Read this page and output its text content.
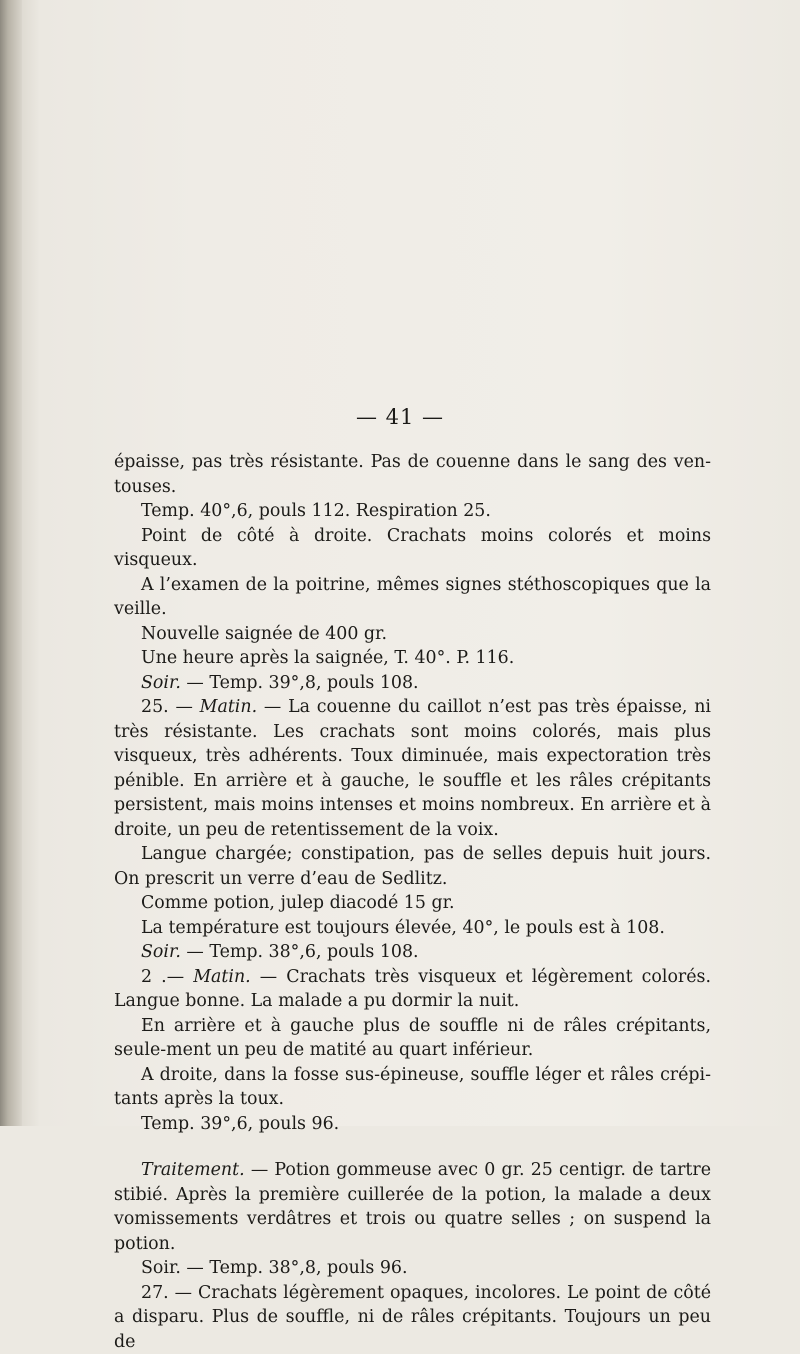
— 41 —

épaisse, pas très résistante. Pas de couenne dans le sang des ven-touses.

Temp. 40°,6, pouls 112. Respiration 25.

Point de côté à droite. Crachats moins colorés et moins visqueux.

A l’examen de la poitrine, mêmes signes stéthoscopiques que la veille.

Nouvelle saignée de 400 gr.

Une heure après la saignée, T. 40°. P. 116.

Soir. — Temp. 39°,8, pouls 108.

25. — Matin. — La couenne du caillot n’est pas très épaisse, ni très résistante. Les crachats sont moins colorés, mais plus visqueux, très adhérents. Toux diminuée, mais expectoration très pénible. En arrière et à gauche, le souffle et les râles crépitants persistent, mais moins intenses et moins nombreux. En arrière et à droite, un peu de retentissement de la voix.

Langue chargée; constipation, pas de selles depuis huit jours. On prescrit un verre d’eau de Sedlitz.

Comme potion, julep diacodé 15 gr.

La température est toujours élevée, 40°, le pouls est à 108.

Soir. — Temp. 38°,6, pouls 108.

2 .— Matin. — Crachats très visqueux et légèrement colorés. Langue bonne. La malade a pu dormir la nuit.

En arrière et à gauche plus de souffle ni de râles crépitants, seule-ment un peu de matité au quart inférieur.

A droite, dans la fosse sus-épineuse, souffle léger et râles crépi-tants après la toux.

Temp. 39°,6, pouls 96.

Traitement. — Potion gommeuse avec 0 gr. 25 centigr. de tartre stibié. Après la première cuillerée de la potion, la malade a deux vomissements verdâtres et trois ou quatre selles ; on suspend la potion.

Soir. — Temp. 38°,8, pouls 96.

27. — Crachats légèrement opaques, incolores. Le point de côté a disparu. Plus de souffle, ni de râles crépitants. Toujours un peu de
